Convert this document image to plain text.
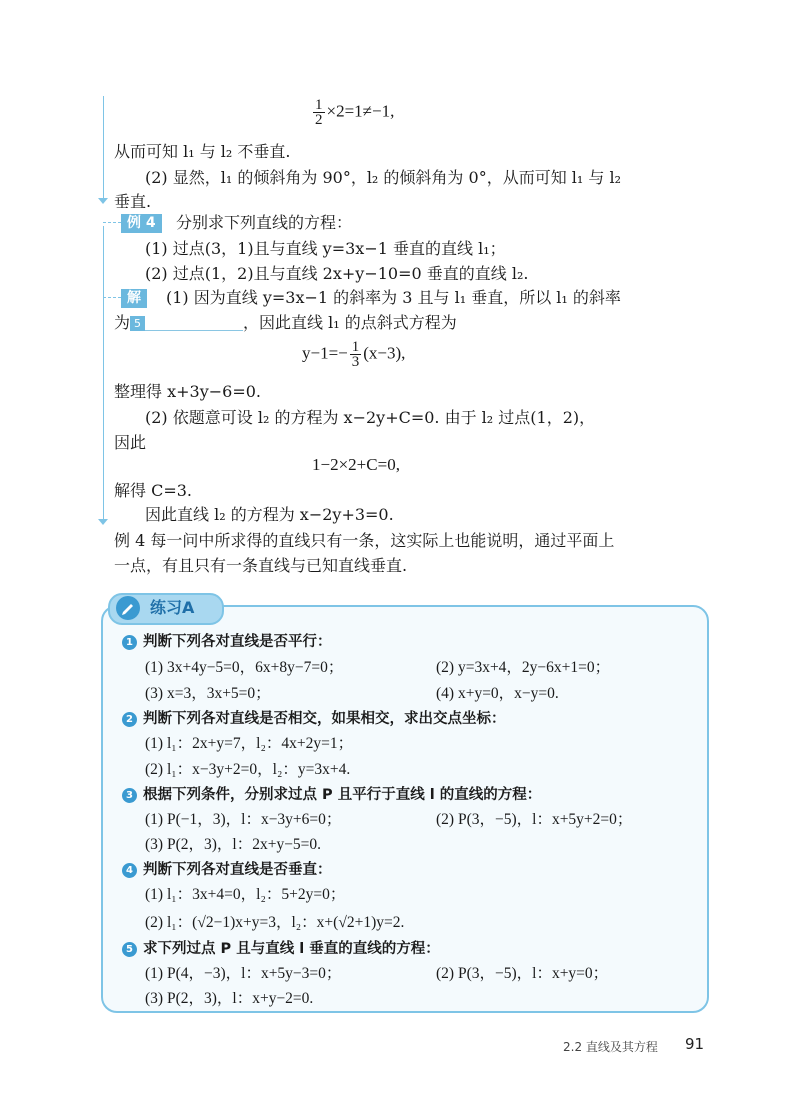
$\frac{1}{2} \times 2=1\ne-1$,
从而可知 l₁ 与 l₂ 不垂直.
(2) 显然，l₁ 的倾斜角为 90°，l₂ 的倾斜角为 0°，从而可知 l₁ 与 l₂
垂直.
例 4	分别求下列直线的方程：
(1) 过点(3，1)且与直线 y=3x−1 垂直的直线 l₁；
(2) 过点(1，2)且与直线 2x+y−10=0 垂直的直线 l₂.
解	(1) 因为直线 y=3x−1 的斜率为 3 且与 l₁ 垂直，所以 l₁ 的斜率
为 5	，因此直线 l₁ 的点斜式方程为
$y-1=- \frac{1}{3} (x-3)$,
整理得 x+3y−6=0.
(2) 依题意可设 l₂ 的方程为 x−2y+C=0. 由于 l₂ 过点(1，2)，
因此
1−2×2+C=0,
解得 C=3.
因此直线 l₂ 的方程为 x−2y+3=0.
例 4 每一问中所求得的直线只有一条，这实际上也能说明，通过平面上
一点，有且只有一条直线与已知直线垂直.
练习A
1 判断下列各对直线是否平行：
(1) 3x+4y−5=0，6x+8y−7=0；	(2) y=3x+4，2y−6x+1=0；
(3) x=3，3x+5=0；	(4) x+y=0，x−y=0.
2 判断下列各对直线是否相交，如果相交，求出交点坐标：
(1) l₁：2x+y=7，l₂：4x+2y=1；
(2) l₁：x−3y+2=0，l₂：y=3x+4.
3 根据下列条件，分别求过点 P 且平行于直线 l 的直线的方程：
(1) P(−1，3)，l：x−3y+6=0；	(2) P(3，−5)，l：x+5y+2=0；
(3) P(2，3)，l：2x+y−5=0.
4 判断下列各对直线是否垂直：
(1) l₁：3x+4=0，l₂：5+2y=0；
(2) l₁：(√2−1)x+y=3，l₂：x+(√2+1)y=2.
5 求下列过点 P 且与直线 l 垂直的直线的方程：
(1) P(4，−3)，l：x+5y−3=0；	(2) P(3，−5)，l：x+y=0；
(3) P(2，3)，l：x+y−2=0.
2.2 直线及其方程 91
